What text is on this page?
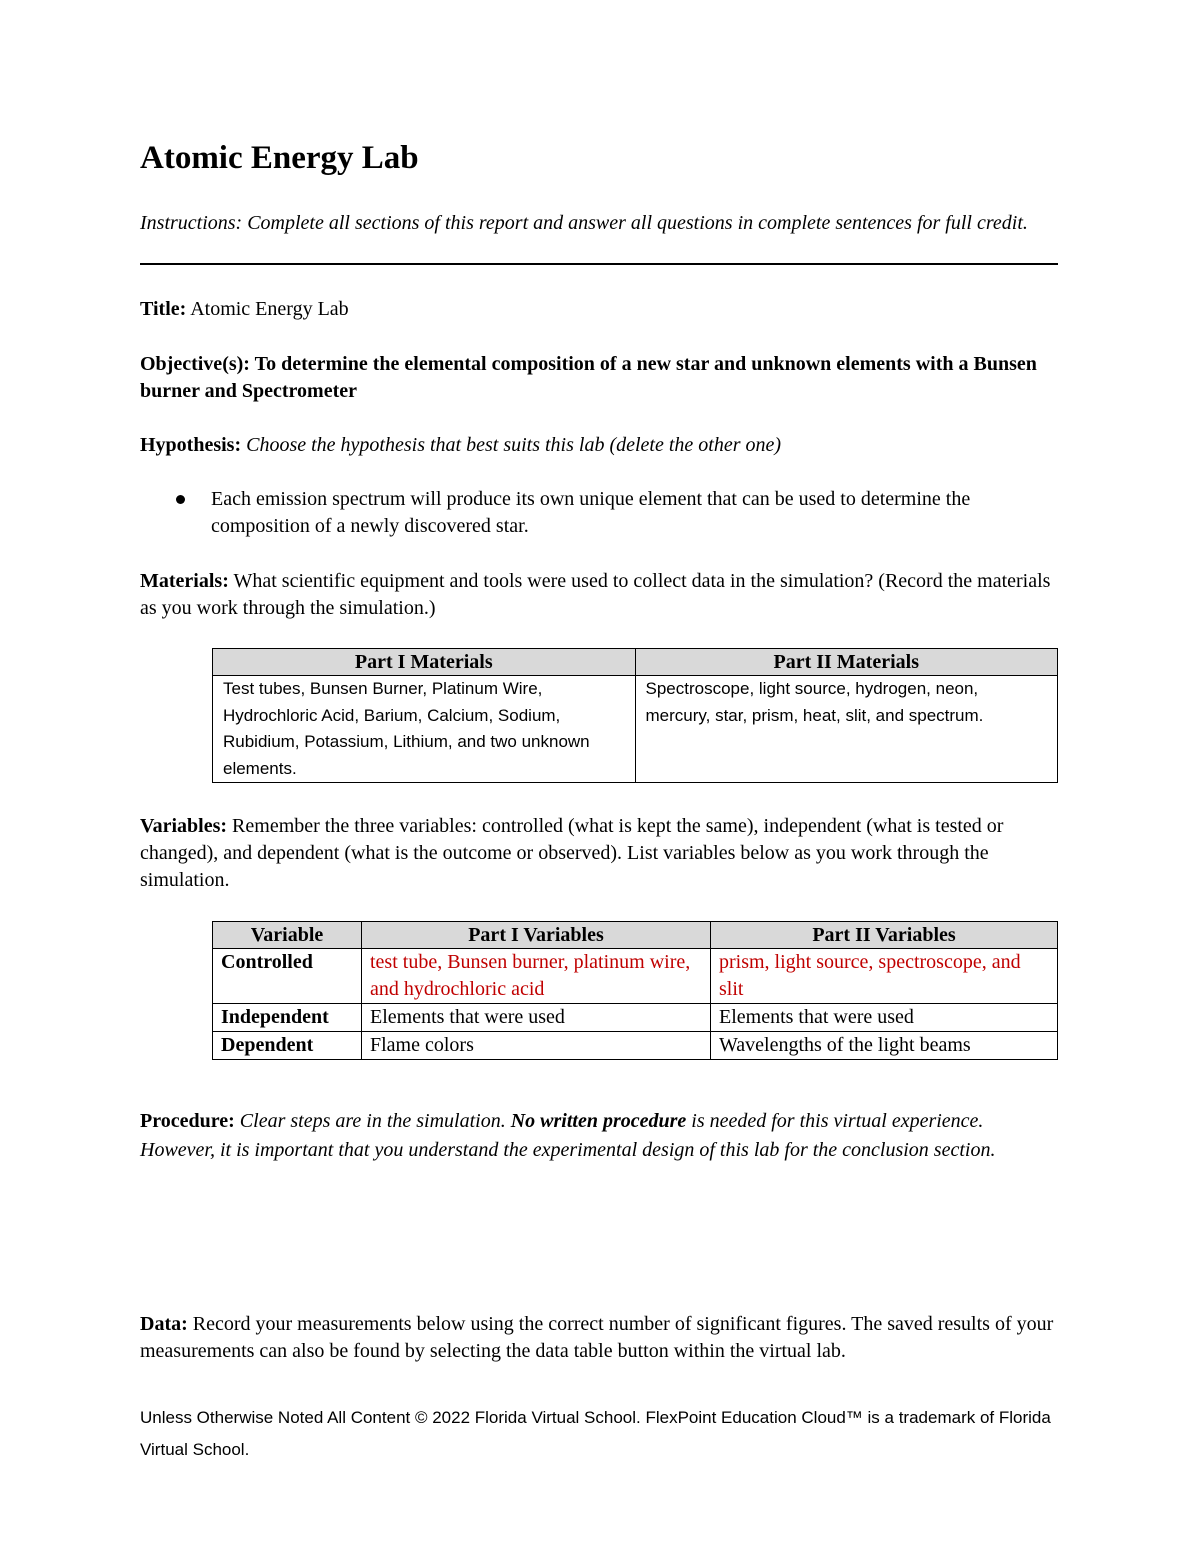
Atomic Energy Lab
Instructions: Complete all sections of this report and answer all questions in complete sentences for full credit.
Title: Atomic Energy Lab
Objective(s): To determine the elemental composition of a new star and unknown elements with a Bunsen burner and Spectrometer
Hypothesis: Choose the hypothesis that best suits this lab (delete the other one)
Each emission spectrum will produce its own unique element that can be used to determine the composition of a newly discovered star.
Materials: What scientific equipment and tools were used to collect data in the simulation? (Record the materials as you work through the simulation.)
Part I Materials	Part II Materials
Test tubes, Bunsen Burner, Platinum Wire, Hydrochloric Acid, Barium, Calcium, Sodium, Rubidium, Potassium, Lithium, and two unknown elements.	Spectroscope, light source, hydrogen, neon, mercury, star, prism, heat, slit, and spectrum.
Variables: Remember the three variables: controlled (what is kept the same), independent (what is tested or changed), and dependent (what is the outcome or observed). List variables below as you work through the simulation.
Variable	Part I Variables	Part II Variables
Controlled	test tube, Bunsen burner, platinum wire, and hydrochloric acid	prism, light source, spectroscope, and slit
Independent	Elements that were used	Elements that were used
Dependent	Flame colors	Wavelengths of the light beams
Procedure: Clear steps are in the simulation. No written procedure is needed for this virtual experience. However, it is important that you understand the experimental design of this lab for the conclusion section.
Data: Record your measurements below using the correct number of significant figures. The saved results of your measurements can also be found by selecting the data table button within the virtual lab.
Unless Otherwise Noted All Content © 2022 Florida Virtual School. FlexPoint Education Cloud™ is a trademark of Florida Virtual School.
